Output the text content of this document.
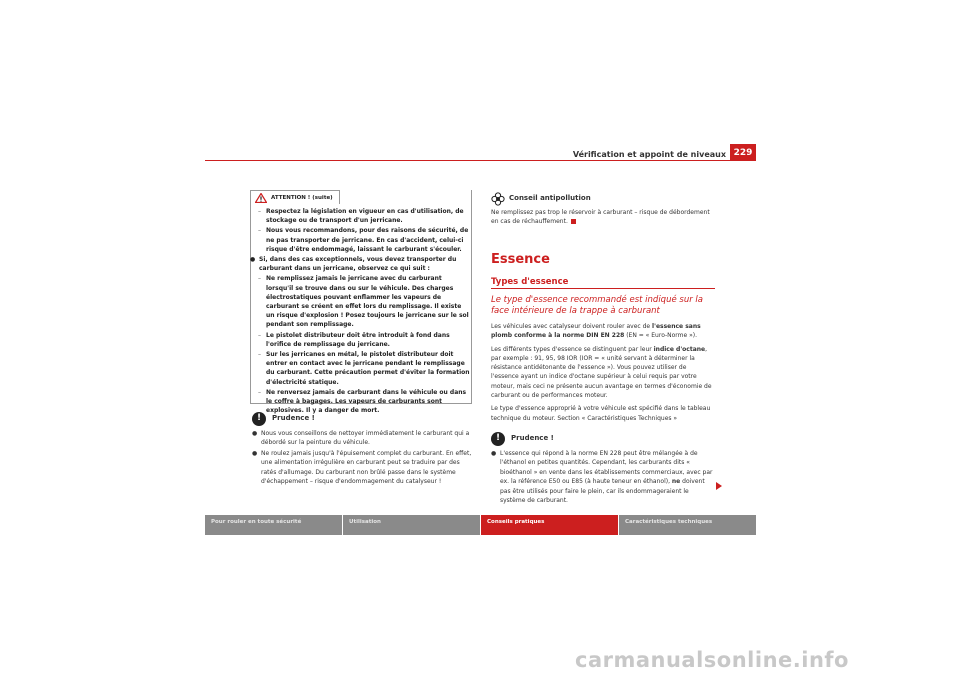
Vérification et appoint de niveaux 229
ATTENTION ! (suite)
– Respectez la législation en vigueur en cas d'utilisation, de stockage ou de transport d'un jerricane.
– Nous vous recommandons, pour des raisons de sécurité, de ne pas transporter de jerricane. En cas d'accident, celui-ci risque d'être endommagé, laissant le carburant s'écouler.
● Si, dans des cas exceptionnels, vous devez transporter du carburant dans un jerricane, observez ce qui suit :
– Ne remplissez jamais le jerricane avec du carburant lorsqu'il se trouve dans ou sur le véhicule. Des charges électrostatiques pouvant enflammer les vapeurs de carburant se créent en effet lors du remplissage. Il existe un risque d'explosion ! Posez toujours le jerricane sur le sol pendant son remplissage.
– Le pistolet distributeur doit être introduit à fond dans l'orifice de remplissage du jerricane.
– Sur les jerricanes en métal, le pistolet distributeur doit entrer en contact avec le jerricane pendant le remplissage du carburant. Cette précaution permet d'éviter la formation d'électricité statique.
– Ne renversez jamais de carburant dans le véhicule ou dans le coffre à bagages. Les vapeurs de carburants sont explosives. Il y a danger de mort.
!	Prudence !
● Nous vous conseillons de nettoyer immédiatement le carburant qui a débordé sur la peinture du véhicule.
● Ne roulez jamais jusqu'à l'épuisement complet du carburant. En effet, une alimentation irrégulière en carburant peut se traduire par des ratés d'allumage. Du carburant non brûlé passe dans le système d'échappement – risque d'endommagement du catalyseur !
Conseil antipollution
Ne remplissez pas trop le réservoir à carburant – risque de débordement en cas de réchauffement.
Essence
Types d'essence
Le type d'essence recommandé est indiqué sur la face intérieure de la trappe à carburant

Les véhicules avec catalyseur doivent rouler avec de l'essence sans plomb conforme à la norme DIN EN 228 (EN = « Euro-Norme »).

Les différents types d'essence se distinguent par leur indice d'octane, par exemple : 91, 95, 98 IOR (IOR = « unité servant à déterminer la résistance antidétonante de l'essence »). Vous pouvez utiliser de l'essence ayant un indice d'octane supérieur à celui requis par votre moteur, mais ceci ne présente aucun avantage en termes d'économie de carburant ou de performances moteur.

Le type d'essence approprié à votre véhicule est spécifié dans le tableau technique du moteur. Section « Caractéristiques Techniques »

!	Prudence !
● L'essence qui répond à la norme EN 228 peut être mélangée à de l'éthanol en petites quantités. Cependant, les carburants dits « bioéthanol » en vente dans les établissements commerciaux, avec par ex. la référence E50 ou E85 (à haute teneur en éthanol), ne doivent pas être utilisés pour faire le plein, car ils endommageraient le système de carburant.
Pour rouler en toute sécurité	Utilisation	Conseils pratiques	Caractéristiques techniques
carmanualsonline.info
